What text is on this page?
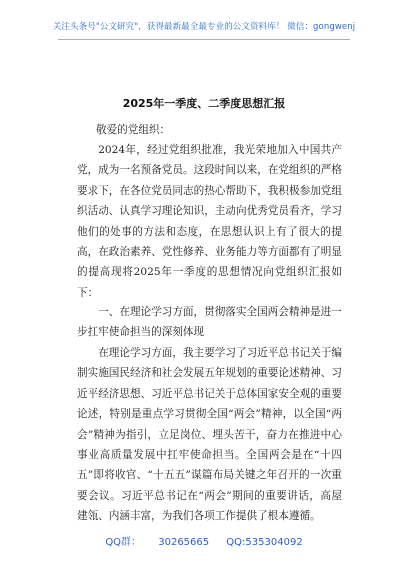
关注头条号"公文研究"，获得最新最全最专业的公文资料库！ 微信：gongwenj
2025年一季度、二季度思想汇报

敬爱的党组织：

2024年，经过党组织批准，我光荣地加入中国共产党，成为一名预备党员。这段时间以来，在党组织的严格要求下，在各位党员同志的热心帮助下，我积极参加党组织活动、认真学习理论知识，主动向优秀党员看齐，学习他们的处事的方法和态度，在思想认识上有了很大的提高，在政治素养、党性修养、业务能力等方面都有了明显的提高现将2025年一季度的思想情况向党组织汇报如下：

一、在理论学习方面，贯彻落实全国两会精神是进一步扛牢使命担当的深刻体现

在理论学习方面，我主要学习了习近平总书记关于编制实施国民经济和社会发展五年规划的重要论述精神、习近平经济思想、习近平总书记关于总体国家安全观的重要论述，特别是重点学习贯彻全国“两会”精神，以全国“两会”精神为指引，立足岗位、埋头苦干，奋力在推进中心事业高质量发展中扛牢使命担当。全国两会是在“十四五”即将收官、“十五五”谋篇布局关键之年召开的一次重要会议。习近平总书记在“两会”期间的重要讲话，高屋建瓴、内涵丰富，为我们各项工作提供了根本遵循。

QQ群： 30265665 QQ:535304092
